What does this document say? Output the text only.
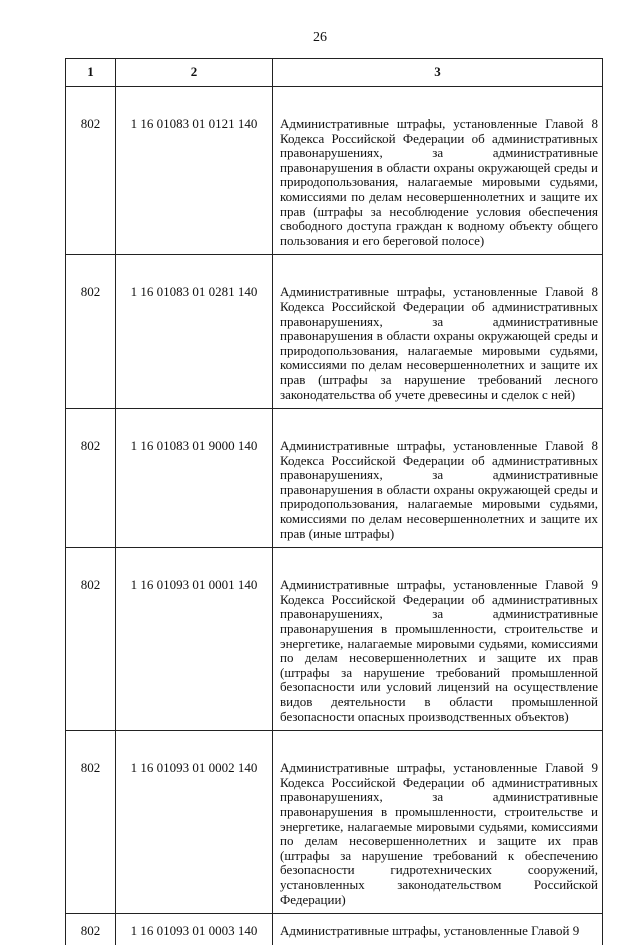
26
1	2	3
802	1 16 01083 01 0121 140	Административные штрафы, установленные Главой 8 Кодекса Российской Федерации об административных правонарушениях, за административные правонарушения в области охраны окружающей среды и природопользования, налагаемые мировыми судьями, комиссиями по делам несовершеннолетних и защите их прав (штрафы за несоблюдение условия обеспечения свободного доступа граждан к водному объекту общего пользования и его береговой полосе)
802	1 16 01083 01 0281 140	Административные штрафы, установленные Главой 8 Кодекса Российской Федерации об административных правонарушениях, за административные правонарушения в области охраны окружающей среды и природопользования, налагаемые мировыми судьями, комиссиями по делам несовершеннолетних и защите их прав (штрафы за нарушение требований лесного законодательства об учете древесины и сделок с ней)
802	1 16 01083 01 9000 140	Административные штрафы, установленные Главой 8 Кодекса Российской Федерации об административных правонарушениях, за административные правонарушения в области охраны окружающей среды и природопользования, налагаемые мировыми судьями, комиссиями по делам несовершеннолетних и защите их прав (иные штрафы)
802	1 16 01093 01 0001 140	Административные штрафы, установленные Главой 9 Кодекса Российской Федерации об административных правонарушениях, за административные правонарушения в промышленности, строительстве и энергетике, налагаемые мировыми судьями, комиссиями по делам несовершеннолетних и защите их прав (штрафы за нарушение требований промышленной безопасности или условий лицензий на осуществление видов деятельности в области промышленной безопасности опасных производственных объектов)
802	1 16 01093 01 0002 140	Административные штрафы, установленные Главой 9 Кодекса Российской Федерации об административных правонарушениях, за административные правонарушения в промышленности, строительстве и энергетике, налагаемые мировыми судьями, комиссиями по делам несовершеннолетних и защите их прав (штрафы за нарушение требований к обеспечению безопасности гидротехнических сооружений, установленных законодательством Российской Федерации)
802	1 16 01093 01 0003 140	Административные штрафы, установленные Главой 9
